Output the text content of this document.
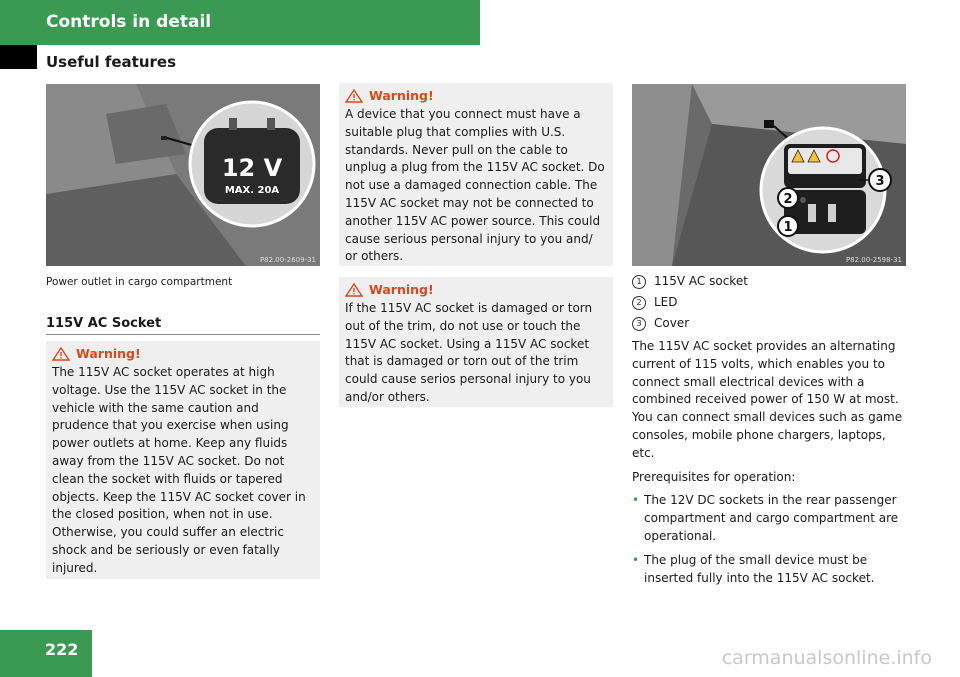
Controls in detail
Useful features
12 V
MAX. 20A
P82.00-2609-31
Power outlet in cargo compartment
115V AC Socket
Warning!
The 115V AC socket operates at high voltage. Use the 115V AC socket in the vehicle with the same caution and prudence that you exercise when using power outlets at home. Keep any fluids away from the 115V AC socket. Do not clean the socket with fluids or tapered objects. Keep the 115V AC socket cover in the closed position, when not in use. Otherwise, you could suffer an electric shock and be seriously or even fatally injured.
Warning!
A device that you connect must have a suitable plug that complies with U.S. standards. Never pull on the cable to unplug a plug from the 115V AC socket. Do not use a damaged connection cable. The 115V AC socket may not be connected to another 115V AC power source. This could cause serious personal injury to you and/ or others.
Warning!
If the 115V AC socket is damaged or torn out of the trim, do not use or touch the 115V AC socket. Using a 115V AC socket that is damaged or torn out of the trim could cause serios personal injury to you and/or others.
3
2
1
P82.00-2598-31
1	115V AC socket
2	LED
3	Cover
The 115V AC socket provides an alternating current of 115 volts, which enables you to connect small electrical devices with a combined received power of 150 W at most. You can connect small devices such as game consoles, mobile phone chargers, laptops, etc.
Prerequisites for operation:
• The 12V DC sockets in the rear passenger compartment and cargo compartment are operational.
• The plug of the small device must be inserted fully into the 115V AC socket.
222	carmanualsonline.info
